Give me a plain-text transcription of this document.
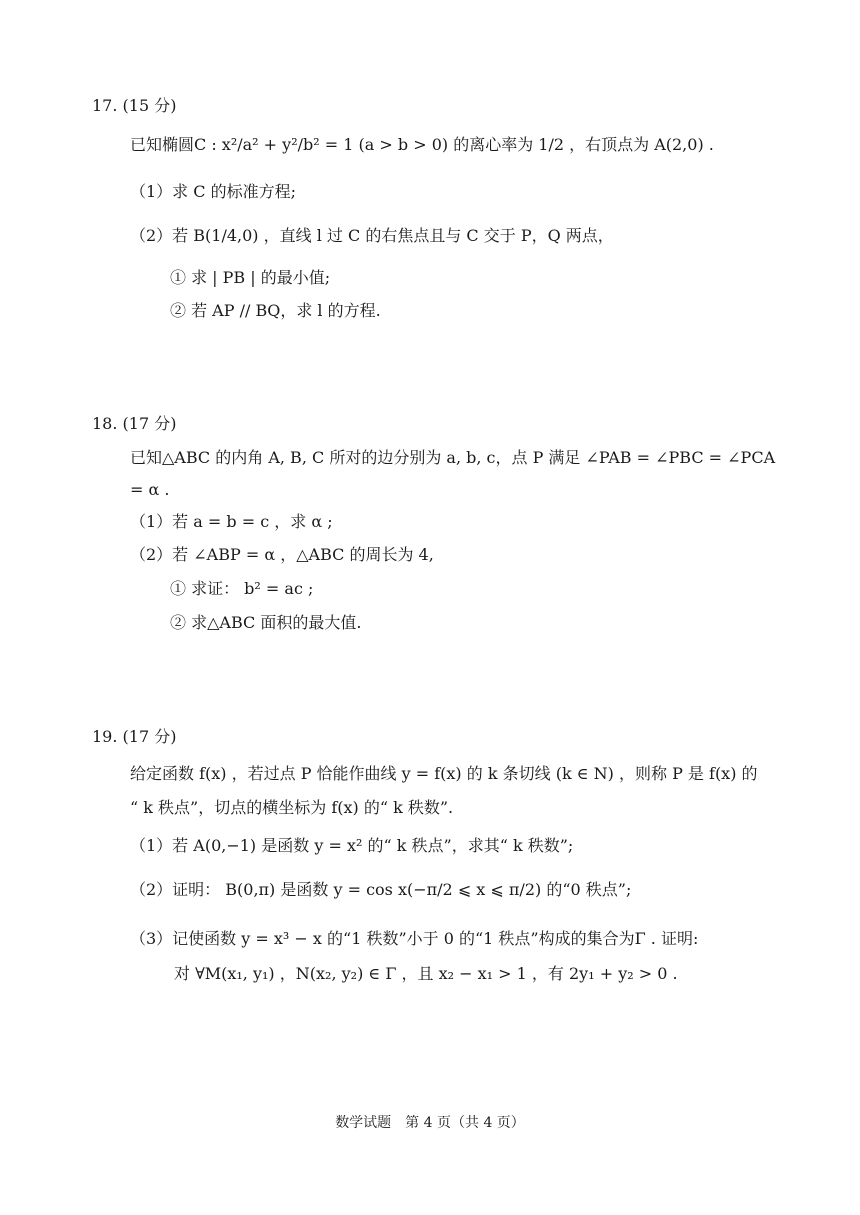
17. (15 分)
已知椭圆C : x²/a² + y²/b² = 1 (a > b > 0) 的离心率为 1/2 ，右顶点为 A(2,0) .
（1）求 C 的标准方程;
（2）若 B(1/4,0) ，直线 l 过 C 的右焦点且与 C 交于 P，Q 两点，
① 求 | PB | 的最小值;
② 若 AP // BQ，求 l 的方程.
18. (17 分)
已知△ABC 的内角 A, B, C 所对的边分别为 a, b, c，点 P 满足 ∠PAB = ∠PBC = ∠PCA
= α .
（1）若 a = b = c ，求 α ;
（2）若 ∠ABP = α ，△ABC 的周长为 4,
① 求证： b² = ac ;
② 求△ABC 面积的最大值.
19. (17 分)
给定函数 f(x) ，若过点 P 恰能作曲线 y = f(x) 的 k 条切线 (k ∈ N) ，则称 P 是 f(x) 的
“ k 秩点”，切点的横坐标为 f(x) 的“ k 秩数”.
（1）若 A(0,−1) 是函数 y = x² 的“ k 秩点”，求其“ k 秩数”;
（2）证明： B(0,π) 是函数 y = cos x(−π/2 ⩽ x ⩽ π/2) 的“0 秩点”;
（3）记使函数 y = x³ − x 的“1 秩数”小于 0 的“1 秩点”构成的集合为Γ . 证明:
对 ∀M(x₁, y₁) ，N(x₂, y₂) ∈ Γ ，且 x₂ − x₁ > 1 ，有 2y₁ + y₂ > 0 .
数学试题　第 4 页（共 4 页）
